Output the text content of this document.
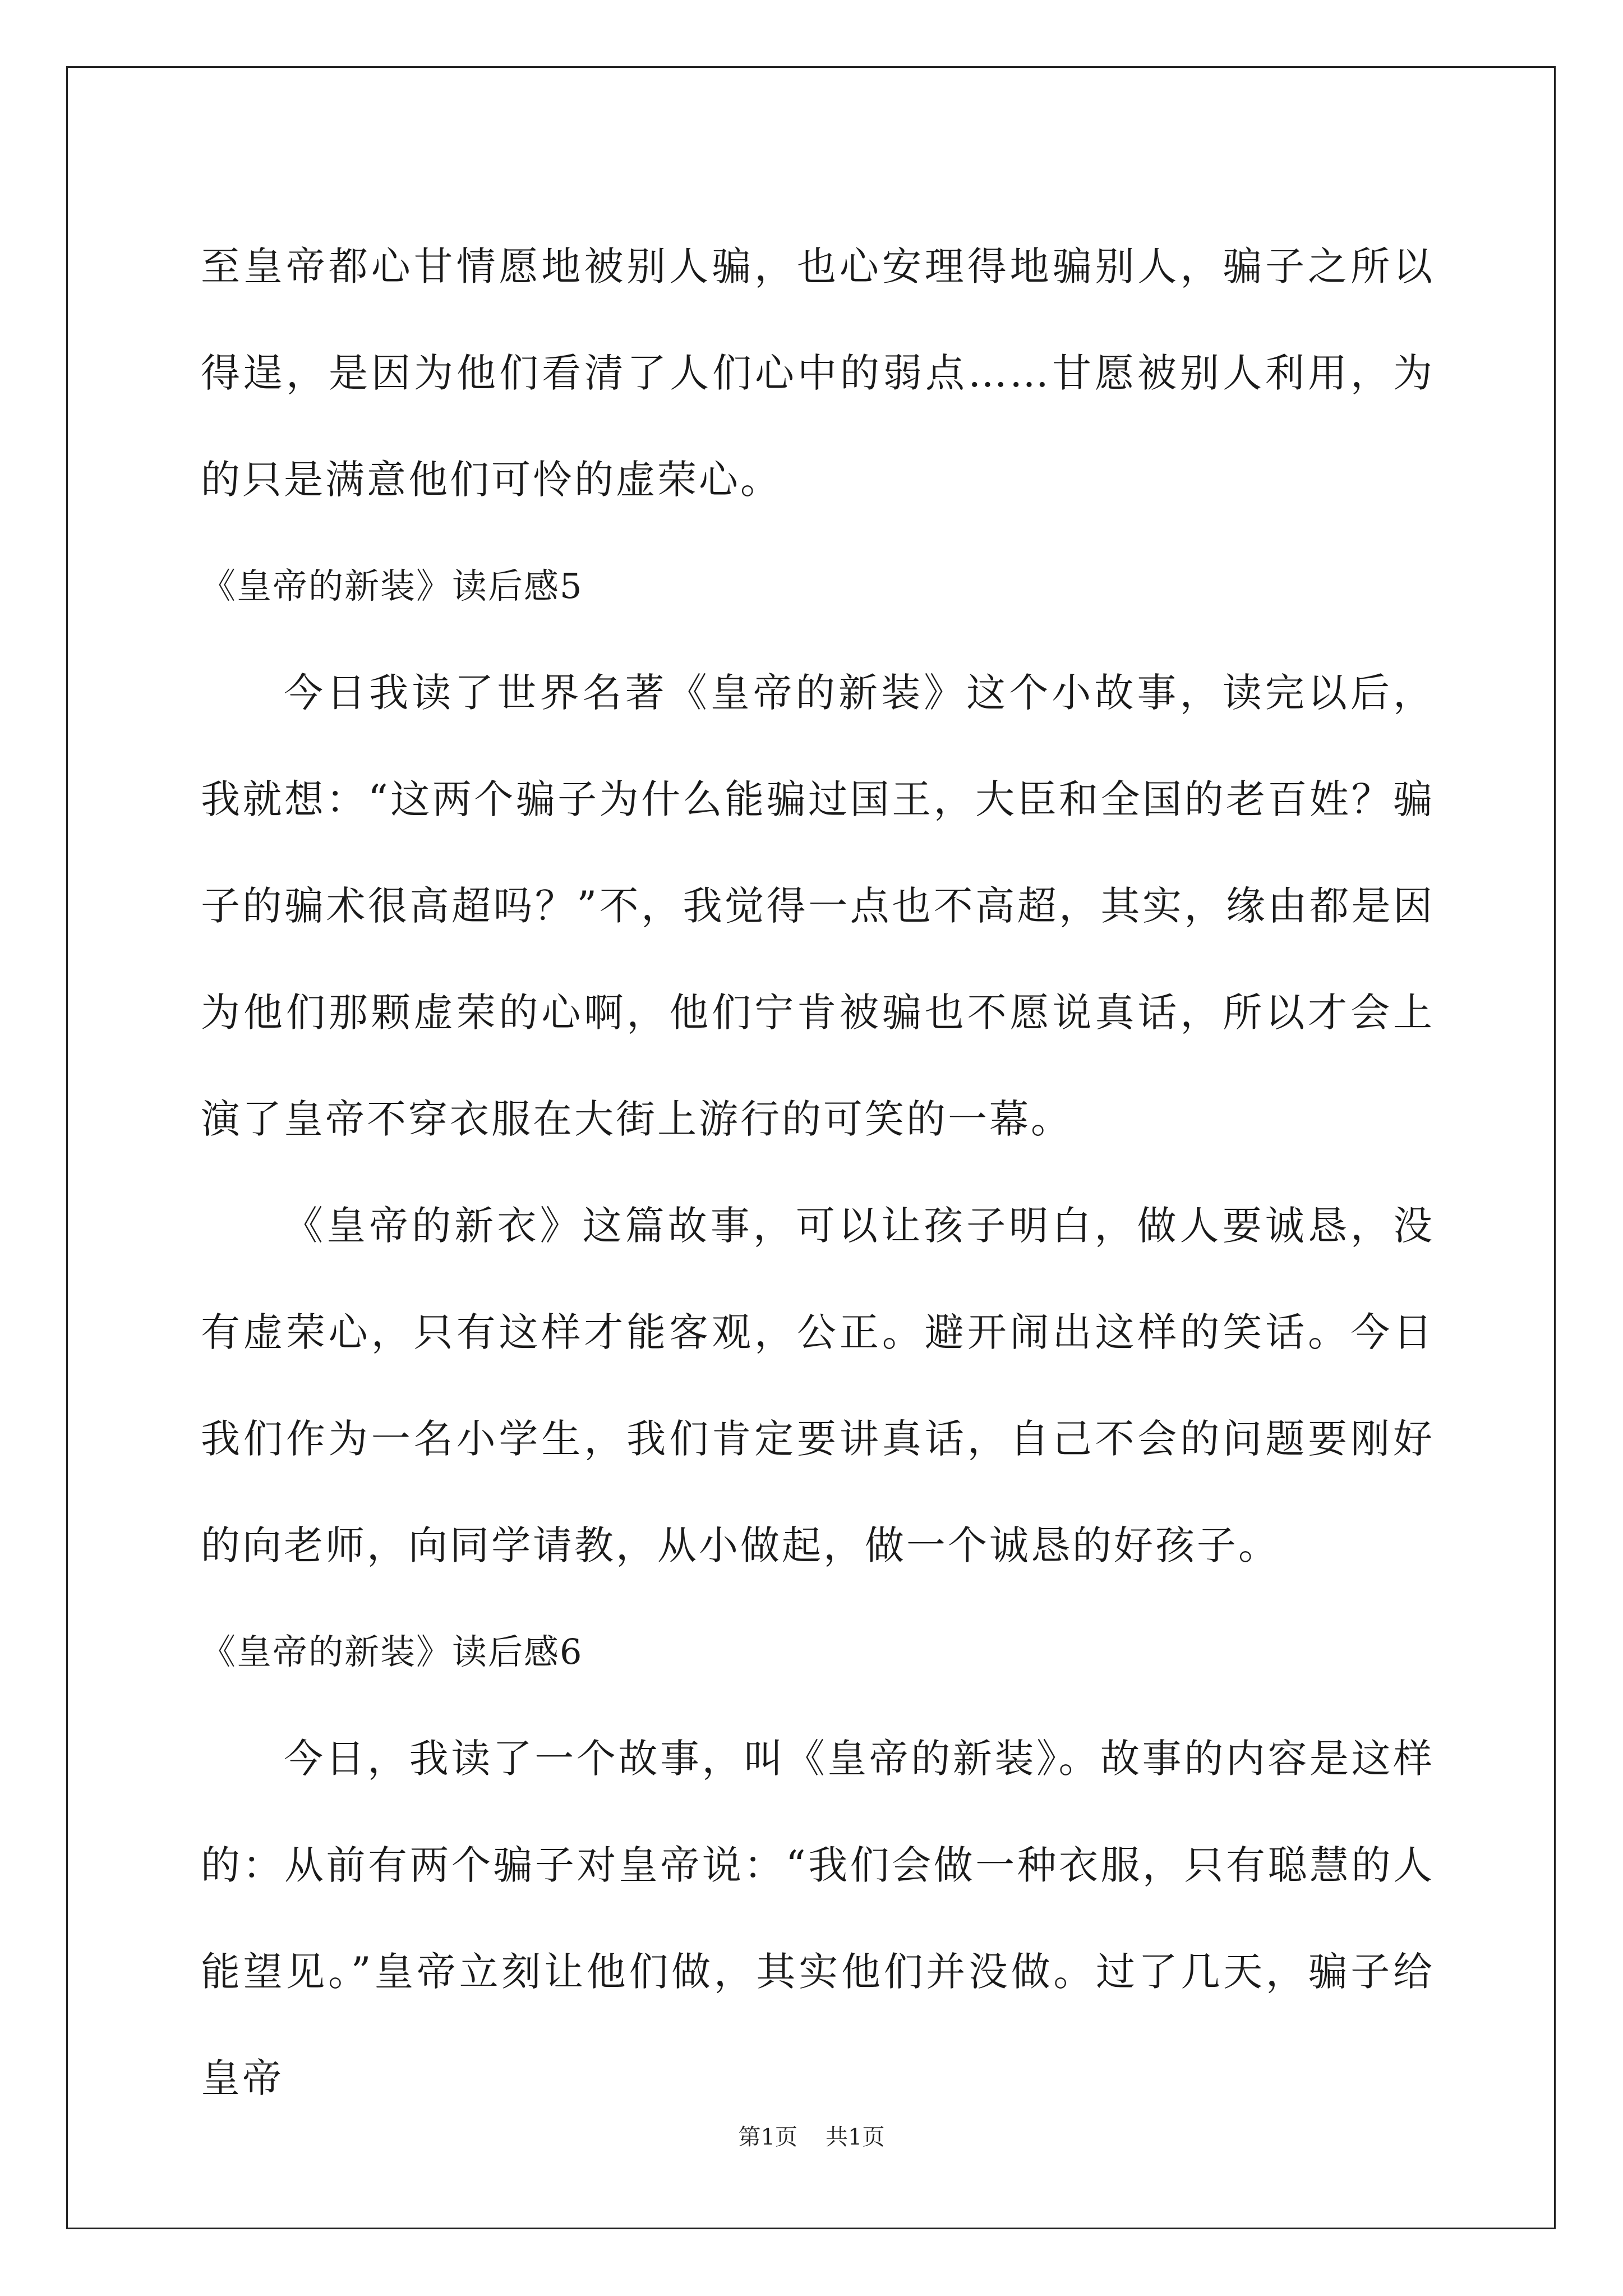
至皇帝都心甘情愿地被别人骗，也心安理得地骗别人，骗子之所以得逞，是因为他们看清了人们心中的弱点……甘愿被别人利用，为的只是满意他们可怜的虚荣心。

《皇帝的新装》读后感5

今日我读了世界名著《皇帝的新装》这个小故事，读完以后，我就想：“这两个骗子为什么能骗过国王，大臣和全国的老百姓？骗子的骗术很高超吗？”不，我觉得一点也不高超，其实，缘由都是因为他们那颗虚荣的心啊，他们宁肯被骗也不愿说真话，所以才会上演了皇帝不穿衣服在大街上游行的可笑的一幕。

《皇帝的新衣》这篇故事，可以让孩子明白，做人要诚恳，没有虚荣心，只有这样才能客观，公正。避开闹出这样的笑话。今日我们作为一名小学生，我们肯定要讲真话，自己不会的问题要刚好的向老师，向同学请教，从小做起，做一个诚恳的好孩子。

《皇帝的新装》读后感6

今日，我读了一个故事，叫《皇帝的新装》。故事的内容是这样的：从前有两个骗子对皇帝说：“我们会做一种衣服，只有聪慧的人能望见。”皇帝立刻让他们做，其实他们并没做。过了几天，骗子给皇帝

第1页 共1页
